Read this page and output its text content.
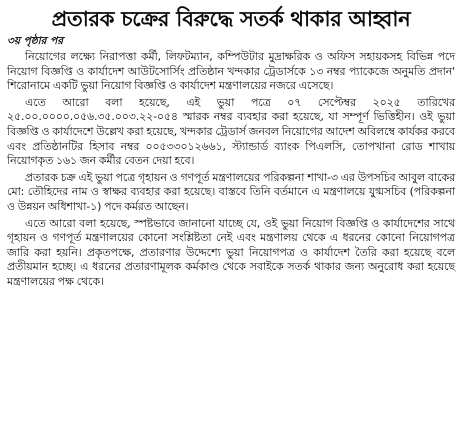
প্রতারক চক্রের বিরুদ্ধে সতর্ক থাকার আহ্বান
৩য় পৃষ্ঠার পর

নিয়োগের লক্ষ্যে নিরাপত্তা কর্মী, লিফটম্যান, কম্পিউটার মুদ্রাক্ষরিক ও অফিস সহায়কসহ বিভিন্ন পদে নিয়োগ বিজ্ঞপ্তি ও কার্যাদেশ আউটসোর্সিং প্রতিষ্ঠান খন্দকার ট্রেডার্সকে ১৩ নম্বর প্যাকেজে অনুমতি প্রদান' শিরোনামে একটি ভুয়া নিয়োগ বিজ্ঞপ্তি ও কার্যাদেশ মন্ত্রণালয়ের নজরে এসেছে।

এতে আরো বলা হয়েছে, এই ভুয়া পত্রে ০৭ সেপ্টেম্বর ২০২৫ তারিখের ২৫.০০.০০০০.০৫৬.৩৫.০০৩.২২-০৫৪ স্মারক নম্বর ব্যবহার করা হয়েছে, যা সম্পূর্ণ ভিত্তিহীন। ওই ভুয়া বিজ্ঞপ্তি ও কার্যাদেশে উল্লেখ করা হয়েছে, খন্দকার ট্রেডার্স জনবল নিয়োগের আদেশ অবিলম্বে কার্যকর করবে এবং প্রতিষ্ঠানটির হিসাব নম্বর ০০৫৩৩০১২৬৬১, স্ট্যান্ডার্ড ব্যাংক পিএলসি, তোপখানা রোড শাখায় নিয়োগকৃত ১৬১ জন কর্মীর বেতন দেয়া হবে।

প্রতারক চক্র এই ভুয়া পত্রে গৃহায়ন ও গণপূর্ত মন্ত্রণালয়ের পরিকল্পনা শাখা-৩ এর উপসচিব আবুল বাকের মো: তৌহিদের নাম ও স্বাক্ষর ব্যবহার করা হয়েছে। বাস্তবে তিনি বর্তমানে এ মন্ত্রণালয়ে যুগ্মসচিব (পরিকল্পনা ও উন্নয়ন অধিশাখা-১) পদে কর্মরত আছেন।

এতে আরো বলা হয়েছে, স্পষ্টভাবে জানানো যাচ্ছে যে, ওই ভুয়া নিয়োগ বিজ্ঞপ্তি ও কার্যাদেশের সাথে গৃহায়ন ও গণপূর্ত মন্ত্রণালয়ের কোনো সংশ্লিষ্টতা নেই এবং মন্ত্রণালয় থেকে এ ধরনের কোনো নিয়োগপত্র জারি করা হয়নি। প্রকৃতপক্ষে, প্রতারণার উদ্দেশ্যে ভুয়া নিয়োগপত্র ও কার্যাদেশ তৈরি করা হয়েছে বলে প্রতীয়মান হচ্ছে। এ ধরনের প্রতারণামূলক কর্মকাণ্ড থেকে সবাইকে সতর্ক থাকার জন্য অনুরোধ করা হয়েছে মন্ত্রণালয়ের পক্ষ থেকে।
